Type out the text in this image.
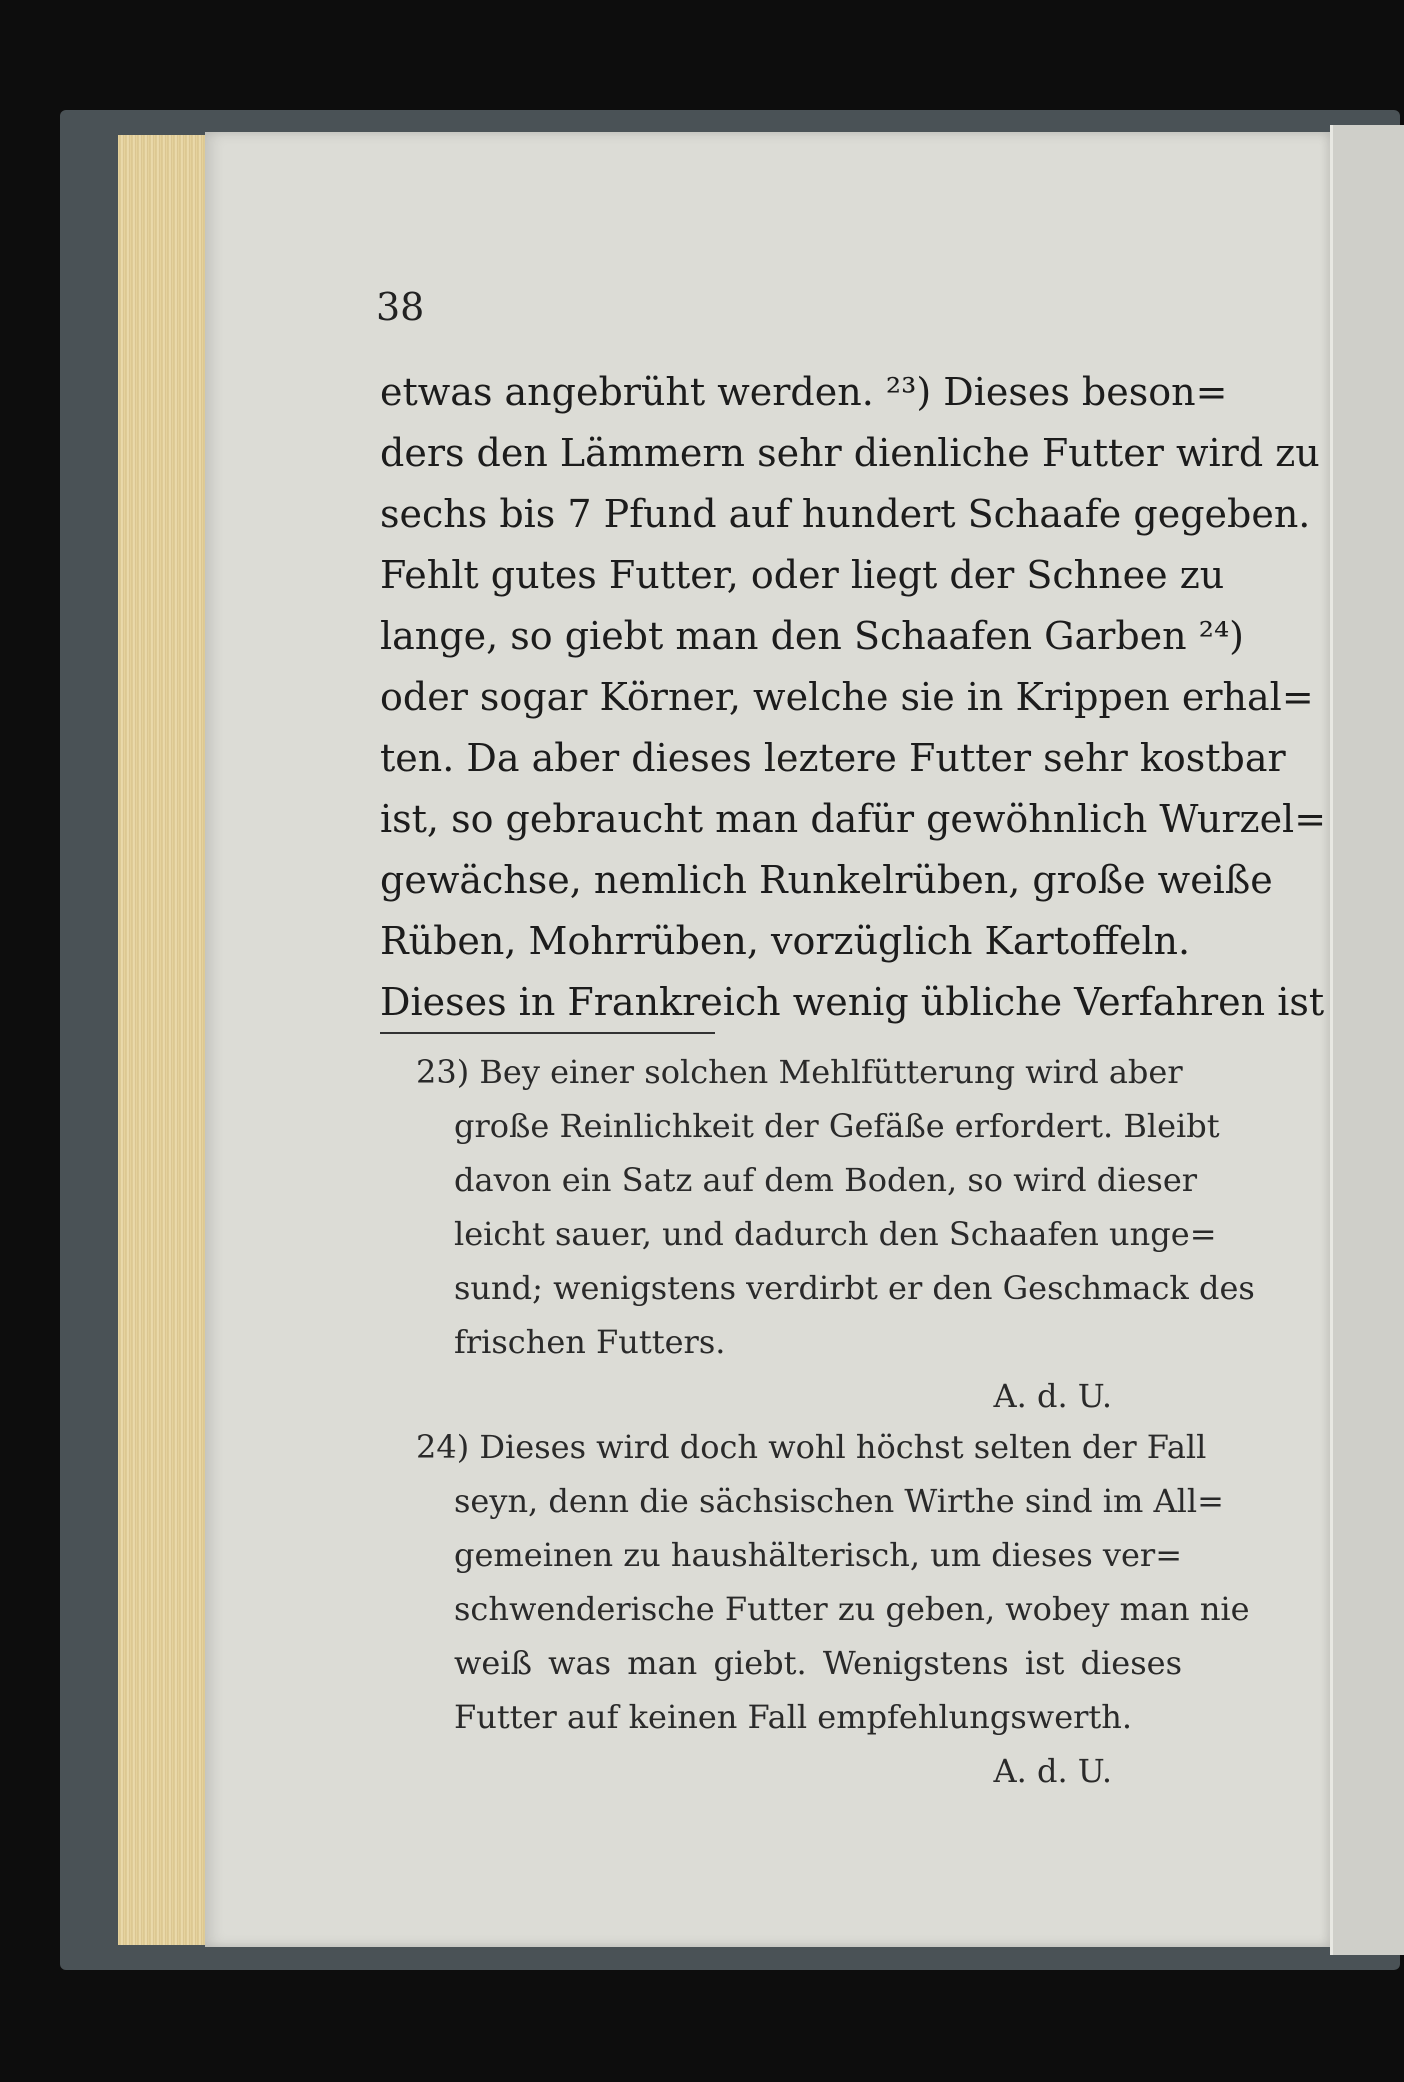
38
etwas angebrüht werden. ²³) Dieses beson=
ders den Lämmern sehr dienliche Futter wird zu
sechs bis 7 Pfund auf hundert Schaafe gegeben.
Fehlt gutes Futter, oder liegt der Schnee zu
lange, so giebt man den Schaafen Garben ²⁴)
oder sogar Körner, welche sie in Krippen erhal=
ten. Da aber dieses leztere Futter sehr kostbar
ist, so gebraucht man dafür gewöhnlich Wurzel=
gewächse, nemlich Runkelrüben, große weiße
Rüben, Mohrrüben, vorzüglich Kartoffeln.
Dieses in Frankreich wenig übliche Verfahren ist
23) Bey einer solchen Mehlfütterung wird aber
große Reinlichkeit der Gefäße erfordert. Bleibt
davon ein Satz auf dem Boden, so wird dieser
leicht sauer, und dadurch den Schaafen unge=
sund; wenigstens verdirbt er den Geschmack des
frischen Futters.
A. d. U.
24) Dieses wird doch wohl höchst selten der Fall
seyn, denn die sächsischen Wirthe sind im All=
gemeinen zu haushälterisch, um dieses ver=
schwenderische Futter zu geben, wobey man nie
weiß was man giebt. Wenigstens ist dieses
Futter auf keinen Fall empfehlungswerth.
A. d. U.
